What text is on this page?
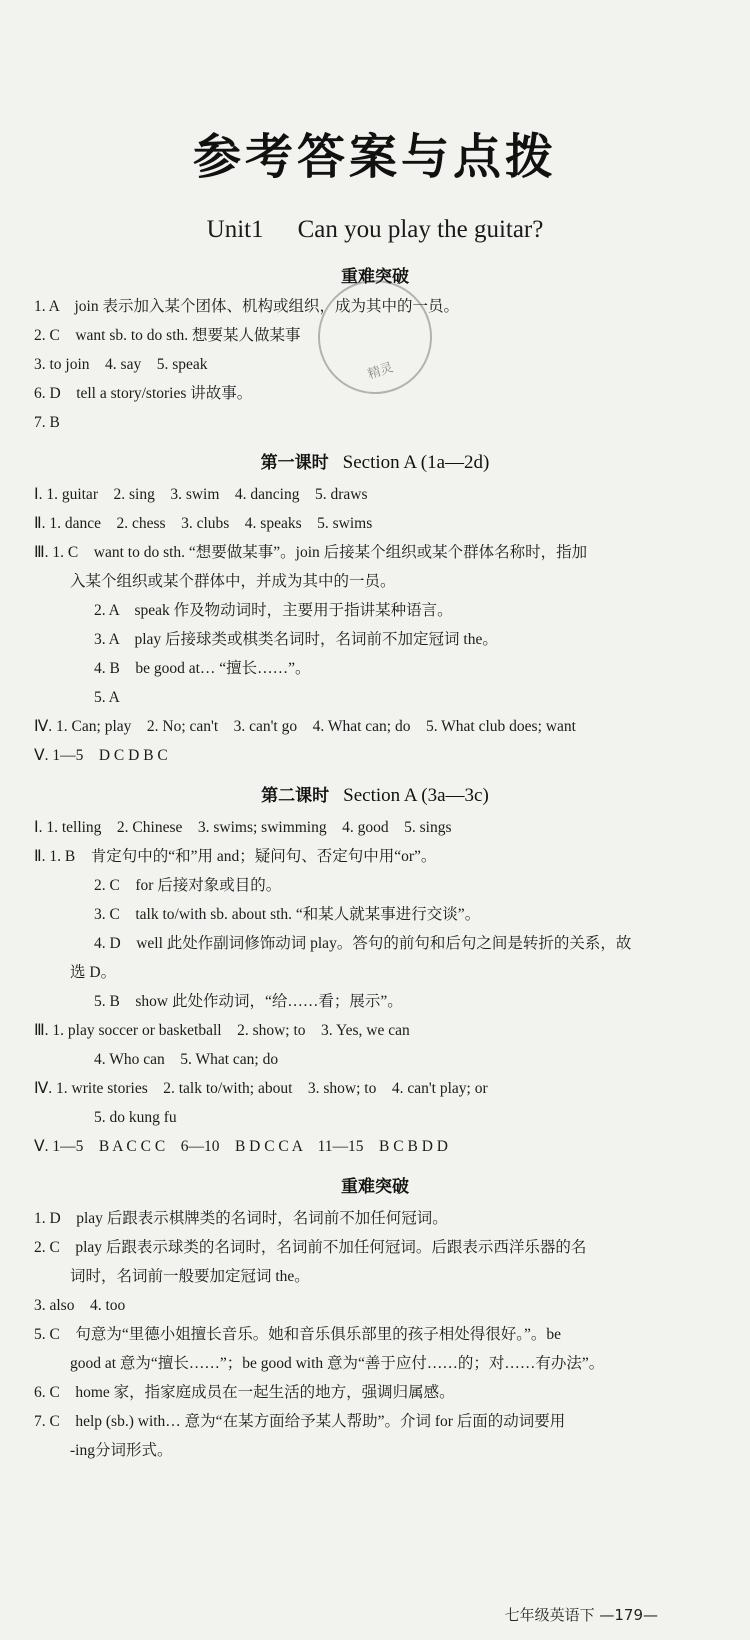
参考答案与点拨
Unit1 Can you play the guitar?
精灵
重难突破
1. A　join 表示加入某个团体、机构或组织，成为其中的一员。
2. C　want sb. to do sth. 想要某人做某事
3. to join　4. say　5. speak
6. D　tell a story/stories 讲故事。
7. B
第一课时 Section A (1a—2d)
Ⅰ. 1. guitar　2. sing　3. swim　4. dancing　5. draws
Ⅱ. 1. dance　2. chess　3. clubs　4. speaks　5. swims
Ⅲ. 1. C　want to do sth. “想要做某事”。join 后接某个组织或某个群体名称时，指加
入某个组织或某个群体中，并成为其中的一员。
2. A　speak 作及物动词时，主要用于指讲某种语言。
3. A　play 后接球类或棋类名词时，名词前不加定冠词 the。
4. B　be good at… “擅长……”。
5. A
Ⅳ. 1. Can; play　2. No; can't　3. can't go　4. What can; do　5. What club does; want
Ⅴ. 1—5　D C D B C
第二课时 Section A (3a—3c)
Ⅰ. 1. telling　2. Chinese　3. swims; swimming　4. good　5. sings
Ⅱ. 1. B　肯定句中的“和”用 and；疑问句、否定句中用“or”。
2. C　for 后接对象或目的。
3. C　talk to/with sb. about sth. “和某人就某事进行交谈”。
4. D　well 此处作副词修饰动词 play。答句的前句和后句之间是转折的关系，故
选 D。
5. B　show 此处作动词，“给……看；展示”。
Ⅲ. 1. play soccer or basketball　2. show; to　3. Yes, we can
4. Who can　5. What can; do
Ⅳ. 1. write stories　2. talk to/with; about　3. show; to　4. can't play; or
5. do kung fu
Ⅴ. 1—5　B A C C C　6—10　B D C C A　11—15　B C B D D
重难突破
1. D　play 后跟表示棋牌类的名词时，名词前不加任何冠词。
2. C　play 后跟表示球类的名词时，名词前不加任何冠词。后跟表示西洋乐器的名
词时，名词前一般要加定冠词 the。
3. also　4. too
5. C　句意为“里德小姐擅长音乐。她和音乐俱乐部里的孩子相处得很好。”。be
good at 意为“擅长……”；be good with 意为“善于应付……的；对……有办法”。
6. C　home 家，指家庭成员在一起生活的地方，强调归属感。
7. C　help (sb.) with… 意为“在某方面给予某人帮助”。介词 for 后面的动词要用
-ing分词形式。
七年级英语下 —179—
